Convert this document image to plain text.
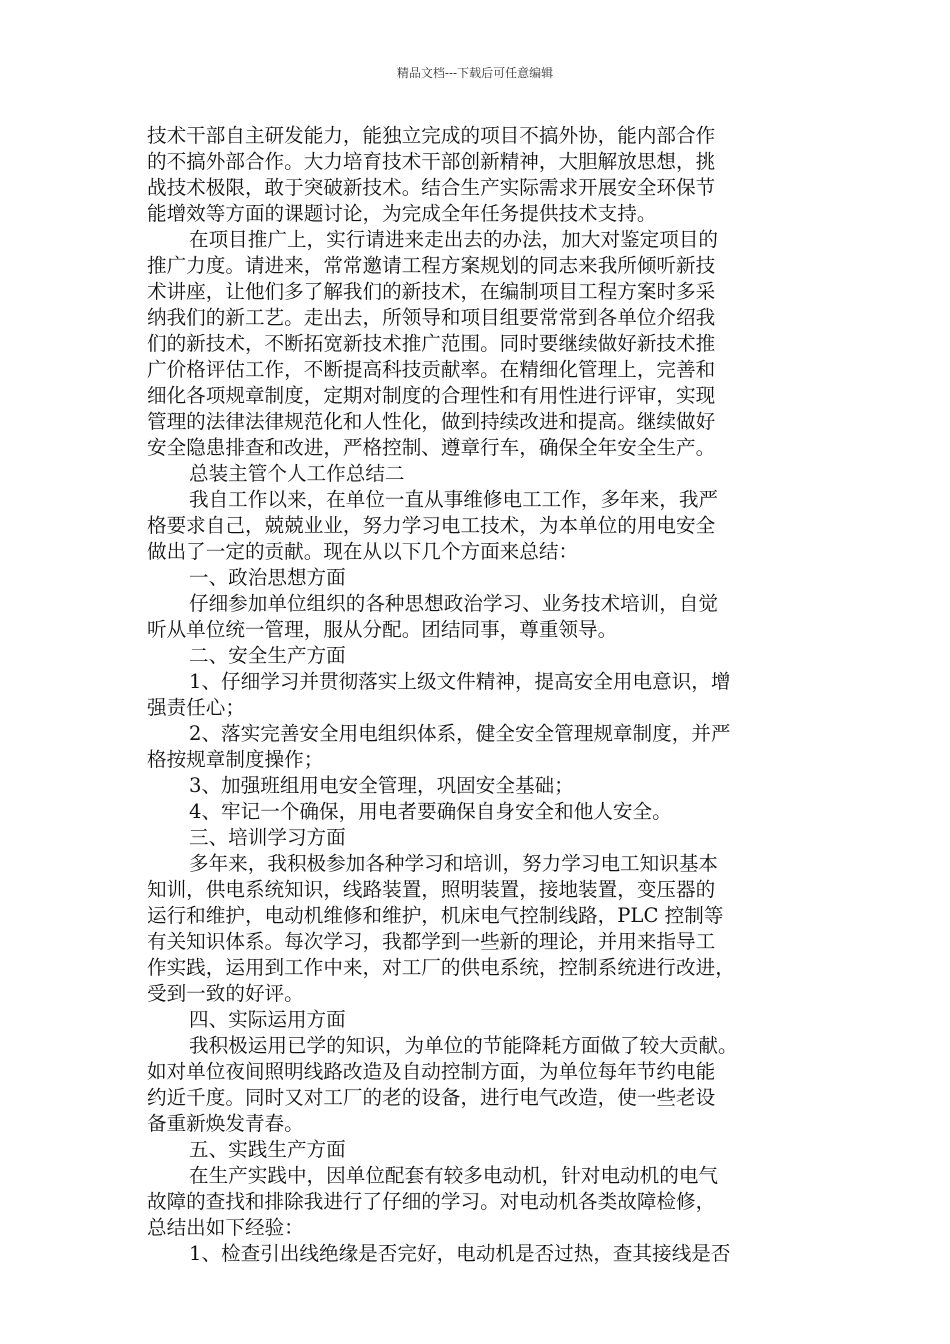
精品文档---下载后可任意编辑
技术干部自主研发能力，能独立完成的项目不搞外协，能内部合作
的不搞外部合作。大力培育技术干部创新精神，大胆解放思想，挑
战技术极限，敢于突破新技术。结合生产实际需求开展安全环保节
能增效等方面的课题讨论，为完成全年任务提供技术支持。
在项目推广上，实行请进来走出去的办法，加大对鉴定项目的
推广力度。请进来，常常邀请工程方案规划的同志来我所倾听新技
术讲座，让他们多了解我们的新技术，在编制项目工程方案时多采
纳我们的新工艺。走出去，所领导和项目组要常常到各单位介绍我
们的新技术，不断拓宽新技术推广范围。同时要继续做好新技术推
广价格评估工作，不断提高科技贡献率。在精细化管理上，完善和
细化各项规章制度，定期对制度的合理性和有用性进行评审，实现
管理的法律法律规范化和人性化，做到持续改进和提高。继续做好
安全隐患排查和改进，严格控制、遵章行车，确保全年安全生产。
总装主管个人工作总结二
我自工作以来，在单位一直从事维修电工工作，多年来，我严
格要求自己，兢兢业业，努力学习电工技术，为本单位的用电安全
做出了一定的贡献。现在从以下几个方面来总结：
一、政治思想方面
仔细参加单位组织的各种思想政治学习、业务技术培训，自觉
听从单位统一管理，服从分配。团结同事，尊重领导。
二、安全生产方面
1、仔细学习并贯彻落实上级文件精神，提高安全用电意识，增
强责任心；
2、落实完善安全用电组织体系，健全安全管理规章制度，并严
格按规章制度操作；
3、加强班组用电安全管理，巩固安全基础；
4、牢记一个确保，用电者要确保自身安全和他人安全。
三、培训学习方面
多年来，我积极参加各种学习和培训，努力学习电工知识基本
知训，供电系统知识，线路装置，照明装置，接地装置，变压器的
运行和维护，电动机维修和维护，机床电气控制线路，PLC 控制等
有关知识体系。每次学习，我都学到一些新的理论，并用来指导工
作实践，运用到工作中来，对工厂的供电系统，控制系统进行改进，
受到一致的好评。
四、实际运用方面
我积极运用已学的知识，为单位的节能降耗方面做了较大贡献。
如对单位夜间照明线路改造及自动控制方面，为单位每年节约电能
约近千度。同时又对工厂的老的设备，进行电气改造，使一些老设
备重新焕发青春。
五、实践生产方面
在生产实践中，因单位配套有较多电动机，针对电动机的电气
故障的查找和排除我进行了仔细的学习。对电动机各类故障检修，
总结出如下经验：
1、检查引出线绝缘是否完好，电动机是否过热，查其接线是否
